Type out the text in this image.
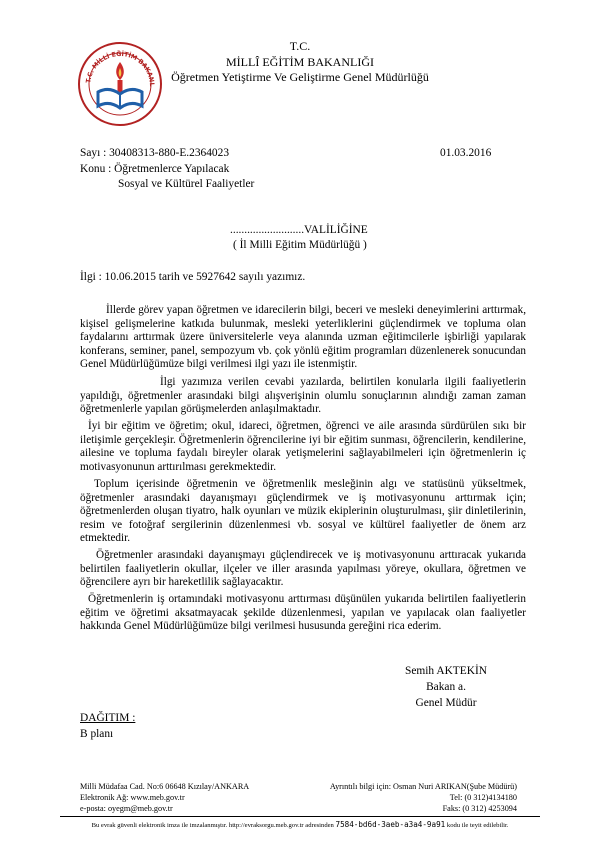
T.C. MİLLİ EĞİTİM BAKANL
T.C.
MİLLÎ EĞİTİM BAKANLIĞI
Öğretmen Yetiştirme Ve Geliştirme Genel Müdürlüğü
Sayı : 30408313-880-E.2364023	01.03.2016
Konu : Öğretmenlerce Yapılacak
Sosyal ve Kültürel Faaliyetler
..........................VALİLİĞİNE
( İl Milli Eğitim Müdürlüğü )
İlgi : 10.06.2015 tarih ve 5927642 sayılı yazımız.
İllerde görev yapan öğretmen ve idarecilerin bilgi, beceri ve mesleki deneyimlerini arttırmak, kişisel gelişmelerine katkıda bulunmak, mesleki yeterliklerini güçlendirmek ve topluma olan faydalarını arttırmak üzere üniversitelerle veya alanında uzman eğitimcilerle işbirliği yapılarak konferans, seminer, panel, sempozyum vb. çok yönlü eğitim programları düzenlenerek sonucundan Genel Müdürlüğümüze bilgi verilmesi ilgi yazı ile istenmiştir.
İlgi yazımıza verilen cevabi yazılarda, belirtilen konularla ilgili faaliyetlerin yapıldığı, öğretmenler arasındaki bilgi alışverişinin olumlu sonuçlarının alındığı zaman zaman öğretmenlerle yapılan görüşmelerden anlaşılmaktadır.
İyi bir eğitim ve öğretim; okul, idareci, öğretmen, öğrenci ve aile arasında sürdürülen sıkı bir iletişimle gerçekleşir. Öğretmenlerin öğrencilerine iyi bir eğitim sunması, öğrencilerin, kendilerine, ailesine ve topluma faydalı bireyler olarak yetişmelerini sağlayabilmeleri için öğretmenlerin iç motivasyonunun arttırılması gerekmektedir.
Toplum içerisinde öğretmenin ve öğretmenlik mesleğinin algı ve statüsünü yükseltmek, öğretmenler arasındaki dayanışmayı güçlendirmek ve iş motivasyonunu arttırmak için; öğretmenlerden oluşan tiyatro, halk oyunları ve müzik ekiplerinin oluşturulması, şiir dinletilerinin, resim ve fotoğraf sergilerinin düzenlenmesi vb. sosyal ve kültürel faaliyetler de önem arz etmektedir.
Öğretmenler arasındaki dayanışmayı güçlendirecek ve iş motivasyonunu arttıracak yukarıda belirtilen faaliyetlerin okullar, ilçeler ve iller arasında yapılması yöreye, okullara, öğretmen ve öğrencilere ayrı bir hareketlilik sağlayacaktır.
Öğretmenlerin iş ortamındaki motivasyonu arttırması düşünülen yukarıda belirtilen faaliyetlerin eğitim ve öğretimi aksatmayacak şekilde düzenlenmesi, yapılan ve yapılacak olan faaliyetler hakkında Genel Müdürlüğümüze bilgi verilmesi hususunda gereğini rica ederim.
Semih AKTEKİN
Bakan a.
Genel Müdür
DAĞITIM :
B planı
Milli Müdafaa Cad. No:6 06648 Kızılay/ANKARA
Elektronik Ağ: www.meb.gov.tr
e-posta: oyegm@meb.gov.tr
Ayrıntılı bilgi için: Osman Nuri ARIKAN(Şube Müdürü)
Tel: (0 312)4134180
Faks: (0 312) 4253094
Bu evrak güvenli elektronik imza ile imzalanmıştır. http://evraksorgu.meb.gov.tr adresinden 7584-bd6d-3aeb-a3a4-9a91 kodu ile teyit edilebilir.
